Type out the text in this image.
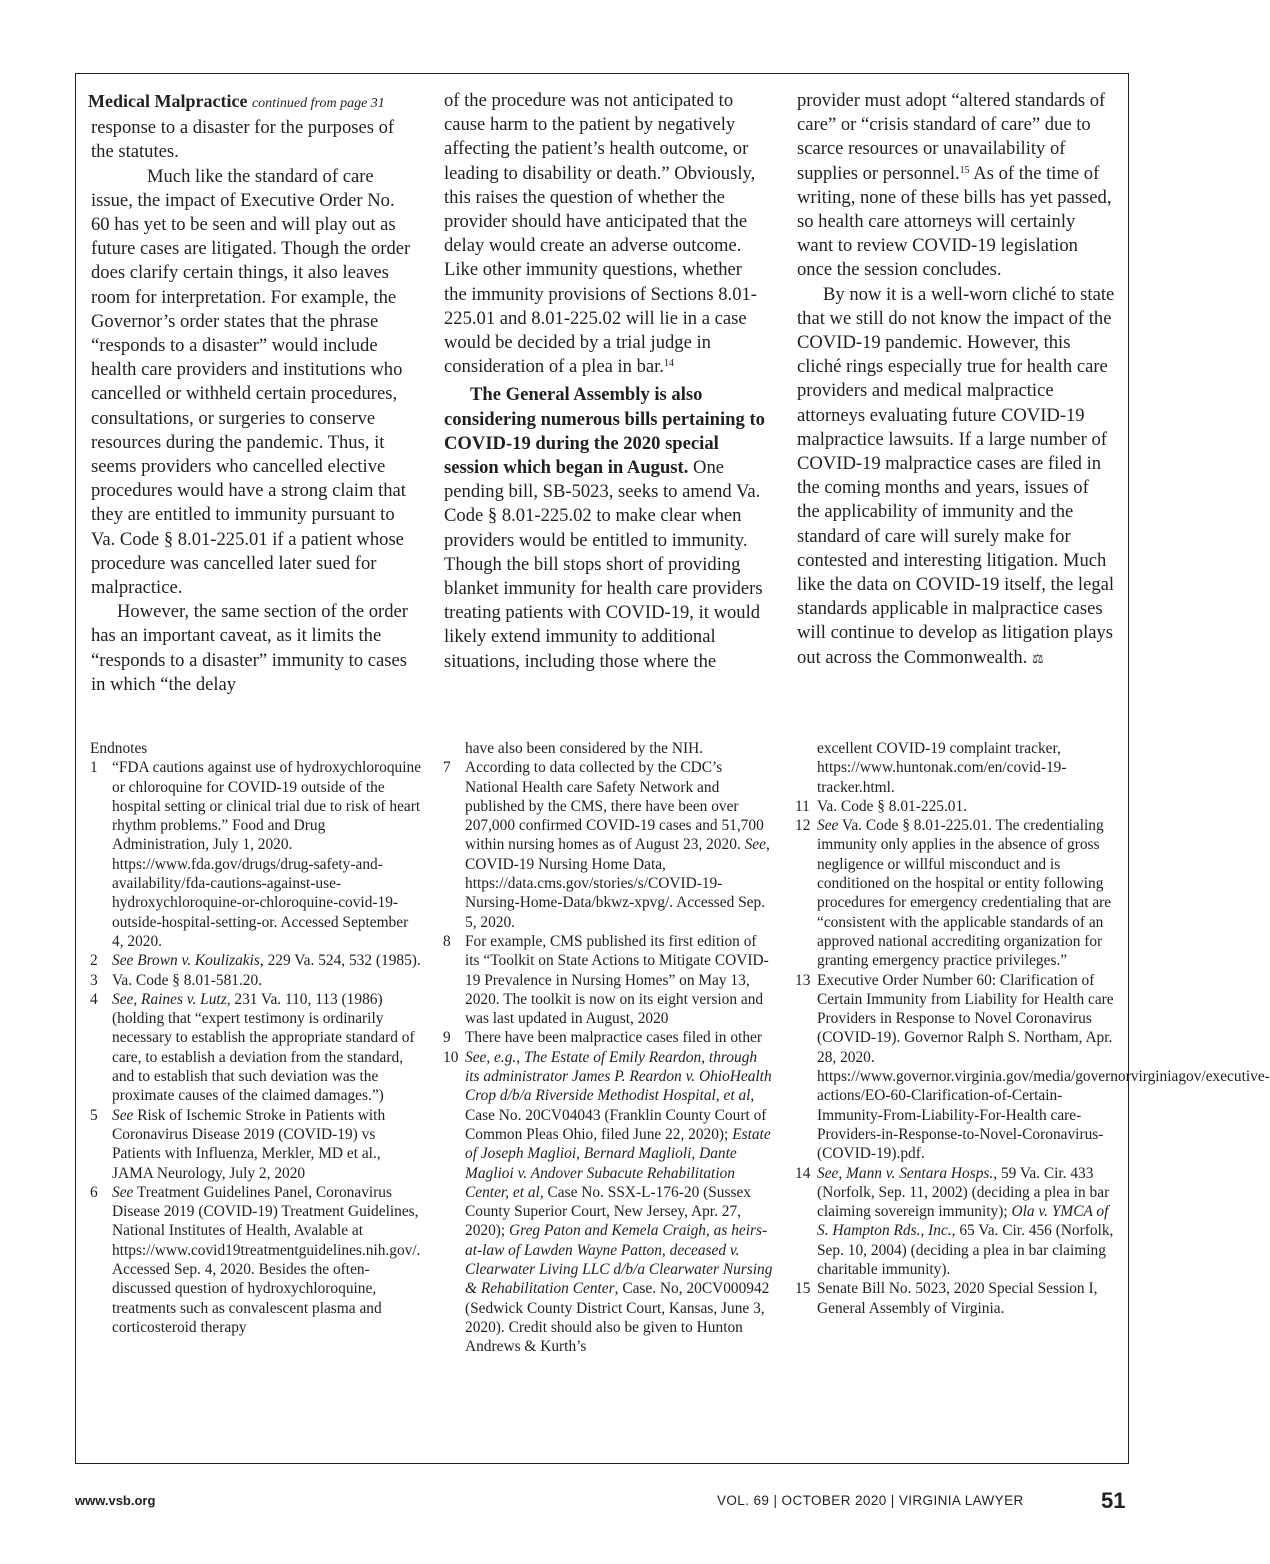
Medical Malpractice continued from page 31

response to a disaster for the purposes of the statutes.

Much like the standard of care issue, the impact of Executive Order No. 60 has yet to be seen and will play out as future cases are litigated. Though the order does clarify certain things, it also leaves room for interpretation. For example, the Governor’s order states that the phrase “responds to a disaster” would include health care providers and institutions who cancelled or withheld certain procedures, consultations, or surgeries to conserve resources during the pandemic. Thus, it seems providers who cancelled elective procedures would have a strong claim that they are entitled to immunity pursuant to Va. Code § 8.01-225.01 if a patient whose procedure was cancelled later sued for malpractice.

However, the same section of the order has an important caveat, as it limits the “responds to a disaster” immunity to cases in which “the delay

of the procedure was not anticipated to cause harm to the patient by negatively affecting the patient’s health outcome, or leading to disability or death.” Obviously, this raises the question of whether the provider should have anticipated that the delay would create an adverse outcome. Like other immunity questions, whether the immunity provisions of Sections 8.01-225.01 and 8.01-225.02 will lie in a case would be decided by a trial judge in consideration of a plea in bar.$^{14}$

The General Assembly is also considering numerous bills pertaining to COVID-19 during the 2020 special session which began in August. One pending bill, SB-5023, seeks to amend Va. Code § 8.01-225.02 to make clear when providers would be entitled to immunity. Though the bill stops short of providing blanket immunity for health care providers treating patients with COVID-19, it would likely extend immunity to additional situations, including those where the

provider must adopt “altered standards of care” or “crisis standard of care” due to scarce resources or unavailability of supplies or personnel.$^{15}$ As of the time of writing, none of these bills has yet passed, so health care attorneys will certainly want to review COVID-19 legislation once the session concludes.

By now it is a well-worn cliché to state that we still do not know the impact of the COVID-19 pandemic. However, this cliché rings especially true for health care providers and medical malpractice attorneys evaluating future COVID-19 malpractice lawsuits. If a large number of COVID-19 malpractice cases are filed in the coming months and years, issues of the applicability of immunity and the standard of care will surely make for contested and interesting litigation. Much like the data on COVID-19 itself, the legal standards applicable in malpractice cases will continue to develop as litigation plays out across the Commonwealth. ⚖

Endnotes

1 “FDA cautions against use of hydroxychloroquine or chloroquine for COVID-19 outside of the hospital setting or clinical trial due to risk of heart rhythm problems.” Food and Drug Administration, July 1, 2020. https://www.fda.gov/drugs/drug-safety-and-availability/fda-cautions-against-use-hydroxychloroquine-or-chloroquine-covid-19-outside-hospital-setting-or. Accessed September 4, 2020.
2 See Brown v. Koulizakis, 229 Va. 524, 532 (1985).
3 Va. Code § 8.01-581.20.
4 See, Raines v. Lutz, 231 Va. 110, 113 (1986) (holding that “expert testimony is ordinarily necessary to establish the appropriate standard of care, to establish a deviation from the standard, and to establish that such deviation was the proximate causes of the claimed damages.”)
5 See Risk of Ischemic Stroke in Patients with Coronavirus Disease 2019 (COVID-19) vs Patients with Influenza, Merkler, MD et al., JAMA Neurology, July 2, 2020
6 See Treatment Guidelines Panel, Coronavirus Disease 2019 (COVID-19) Treatment Guidelines, National Institutes of Health, Avalable at https://www.covid19treatmentguidelines.nih.gov/. Accessed Sep. 4, 2020. Besides the often-discussed question of hydroxychloroquine, treatments such as convalescent plasma and corticosteroid therapy

have also been considered by the NIH.

7 According to data collected by the CDC’s National Health care Safety Network and published by the CMS, there have been over 207,000 confirmed COVID-19 cases and 51,700 within nursing homes as of August 23, 2020. See, COVID-19 Nursing Home Data, https://data.cms.gov/stories/s/COVID-19-Nursing-Home-Data/bkwz-xpvg/. Accessed Sep. 5, 2020.
8 For example, CMS published its first edition of its “Toolkit on State Actions to Mitigate COVID-19 Prevalence in Nursing Homes” on May 13, 2020. The toolkit is now on its eight version and was last updated in August, 2020
9 There have been malpractice cases filed in other
10 See, e.g., The Estate of Emily Reardon, through its administrator James P. Reardon v. OhioHealth Crop d/b/a Riverside Methodist Hospital, et al, Case No. 20CV04043 (Franklin County Court of Common Pleas Ohio, filed June 22, 2020); Estate of Joseph Maglioi, Bernard Maglioli, Dante Maglioi v. Andover Subacute Rehabilitation Center, et al, Case No. SSX-L-176-20 (Sussex County Superior Court, New Jersey, Apr. 27, 2020); Greg Paton and Kemela Craigh, as heirs-at-law of Lawden Wayne Patton, deceased v. Clearwater Living LLC d/b/a Clearwater Nursing & Rehabilitation Center, Case. No, 20CV000942 (Sedwick County District Court, Kansas, June 3, 2020). Credit should also be given to Hunton Andrews & Kurth’s

excellent COVID-19 complaint tracker, https://www.huntonak.com/en/covid-19-tracker.html.

11 Va. Code § 8.01-225.01.
12 See Va. Code § 8.01-225.01. The credentialing immunity only applies in the absence of gross negligence or willful misconduct and is conditioned on the hospital or entity following procedures for emergency credentialing that are “consistent with the applicable standards of an approved national accrediting organization for granting emergency practice privileges.”
13 Executive Order Number 60: Clarification of Certain Immunity from Liability for Health care Providers in Response to Novel Coronavirus (COVID-19). Governor Ralph S. Northam, Apr. 28, 2020. https://www.governor.virginia.gov/media/governorvirginiagov/executive-actions/EO-60-Clarification-of-Certain-Immunity-From-Liability-For-Health care-Providers-in-Response-to-Novel-Coronavirus-(COVID-19).pdf.
14 See, Mann v. Sentara Hosps., 59 Va. Cir. 433 (Norfolk, Sep. 11, 2002) (deciding a plea in bar claiming sovereign immunity); Ola v. YMCA of S. Hampton Rds., Inc., 65 Va. Cir. 456 (Norfolk, Sep. 10, 2004) (deciding a plea in bar claiming charitable immunity).
15 Senate Bill No. 5023, 2020 Special Session I, General Assembly of Virginia.
www.vsb.org	VOL. 69 | OCTOBER 2020 | VIRGINIA LAWYER	51
